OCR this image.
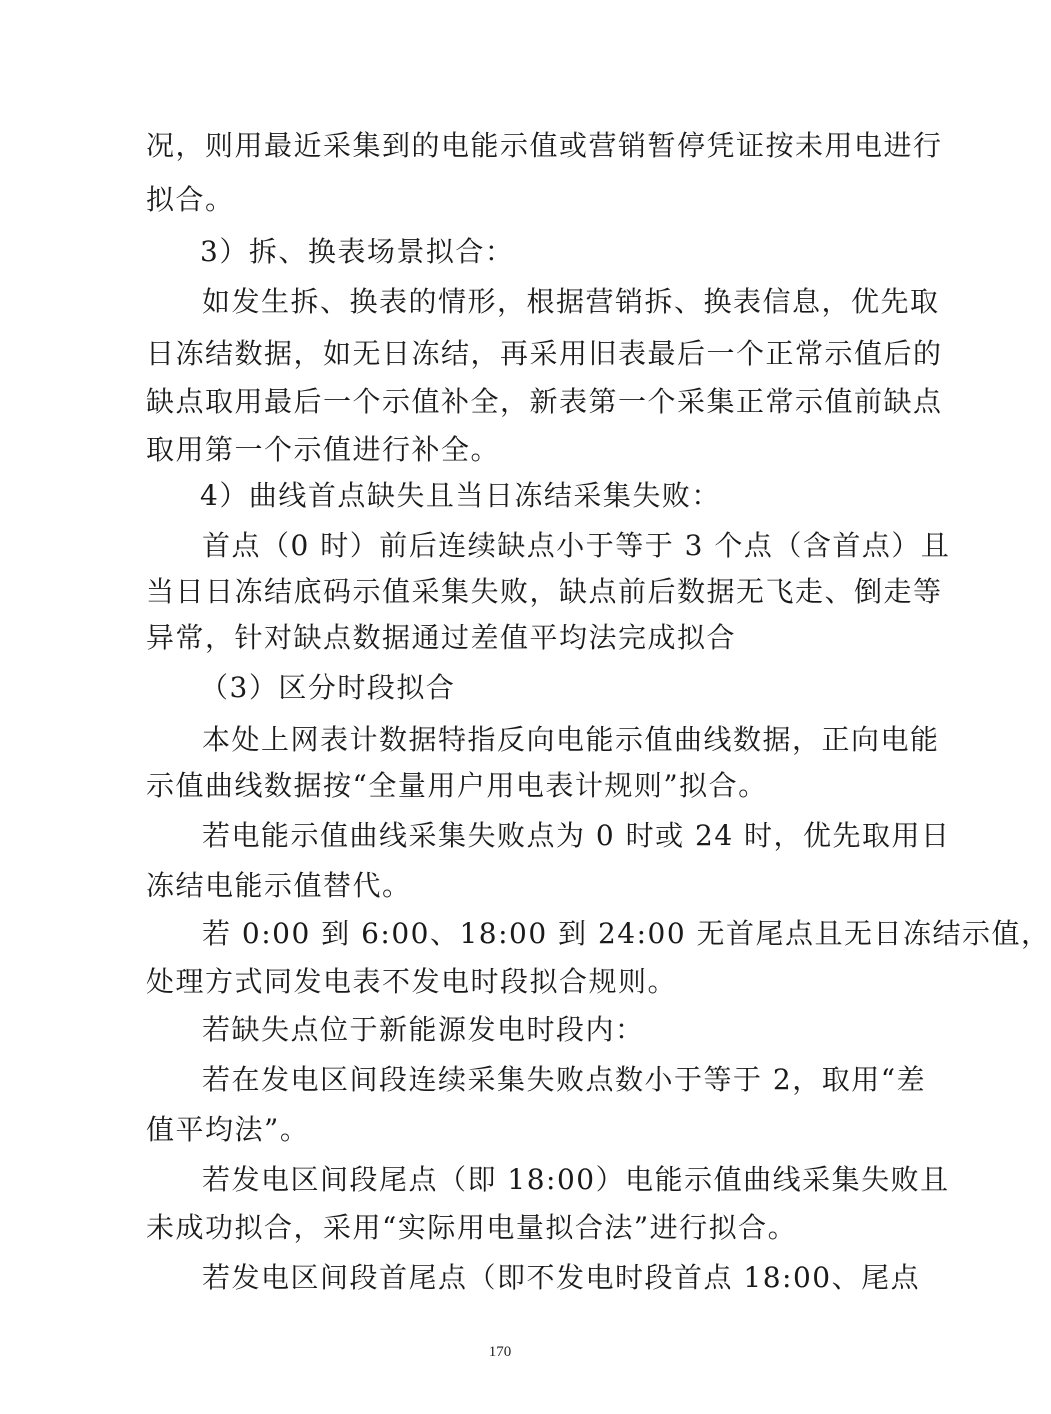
况，则用最近采集到的电能示值或营销暂停凭证按未用电进行
拟合。
3）拆、换表场景拟合：
如发生拆、换表的情形，根据营销拆、换表信息，优先取
日冻结数据，如无日冻结，再采用旧表最后一个正常示值后的
缺点取用最后一个示值补全，新表第一个采集正常示值前缺点
取用第一个示值进行补全。
4）曲线首点缺失且当日冻结采集失败：
首点（0 时）前后连续缺点小于等于 3 个点（含首点）且
当日日冻结底码示值采集失败，缺点前后数据无飞走、倒走等
异常，针对缺点数据通过差值平均法完成拟合
（3）区分时段拟合
本处上网表计数据特指反向电能示值曲线数据，正向电能
示值曲线数据按“全量用户用电表计规则”拟合。
若电能示值曲线采集失败点为 0 时或 24 时，优先取用日
冻结电能示值替代。
若 0:00 到 6:00、18:00 到 24:00 无首尾点且无日冻结示值，
处理方式同发电表不发电时段拟合规则。
若缺失点位于新能源发电时段内：
若在发电区间段连续采集失败点数小于等于 2，取用“差
值平均法”。
若发电区间段尾点（即 18:00）电能示值曲线采集失败且
未成功拟合，采用“实际用电量拟合法”进行拟合。
若发电区间段首尾点（即不发电时段首点 18:00、尾点
170
